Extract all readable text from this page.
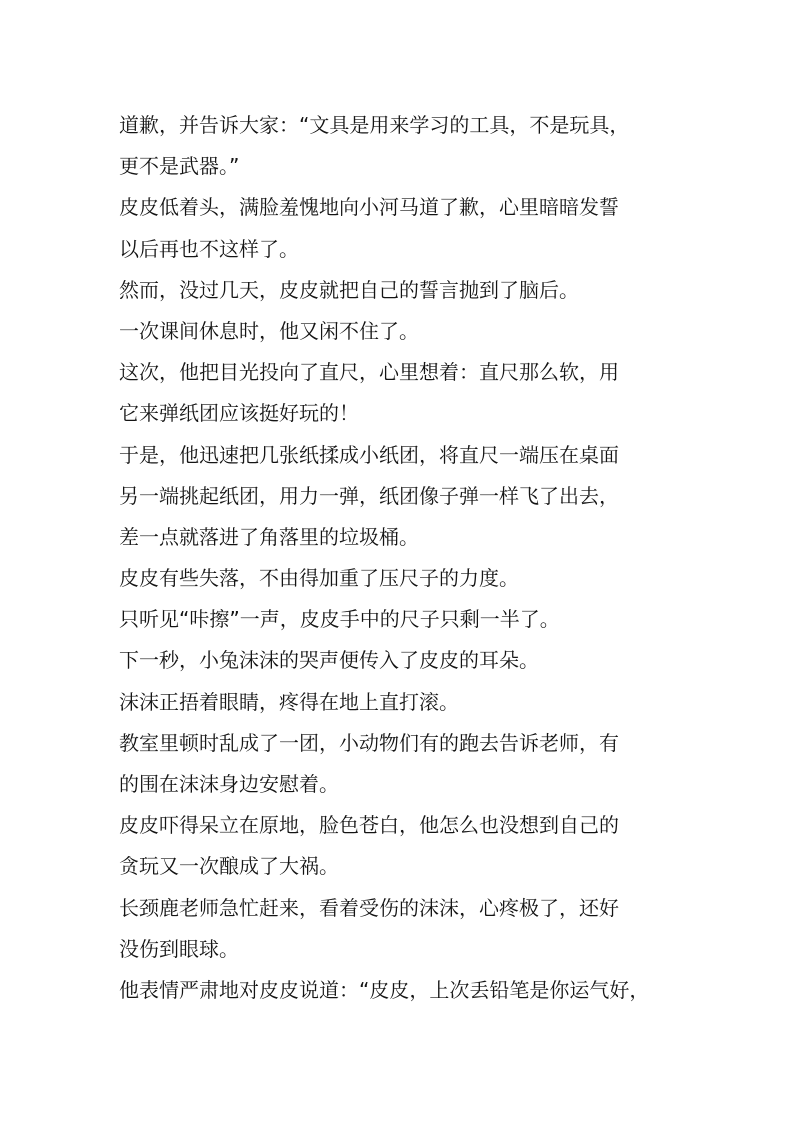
道歉，并告诉大家：“文具是用来学习的工具，不是玩具，
更不是武器。”
皮皮低着头，满脸羞愧地向小河马道了歉，心里暗暗发誓
以后再也不这样了。
然而，没过几天，皮皮就把自己的誓言抛到了脑后。
一次课间休息时，他又闲不住了。
这次，他把目光投向了直尺，心里想着：直尺那么软，用
它来弹纸团应该挺好玩的！
于是，他迅速把几张纸揉成小纸团，将直尺一端压在桌面
另一端挑起纸团，用力一弹，纸团像子弹一样飞了出去，
差一点就落进了角落里的垃圾桶。
皮皮有些失落，不由得加重了压尺子的力度。
只听见“咔擦”一声，皮皮手中的尺子只剩一半了。
下一秒，小兔沫沫的哭声便传入了皮皮的耳朵。
沫沫正捂着眼睛，疼得在地上直打滚。
教室里顿时乱成了一团，小动物们有的跑去告诉老师，有
的围在沫沫身边安慰着。
皮皮吓得呆立在原地，脸色苍白，他怎么也没想到自己的
贪玩又一次酿成了大祸。
长颈鹿老师急忙赶来，看着受伤的沫沫，心疼极了，还好
没伤到眼球。
他表情严肃地对皮皮说道：“皮皮，上次丢铅笔是你运气好，
